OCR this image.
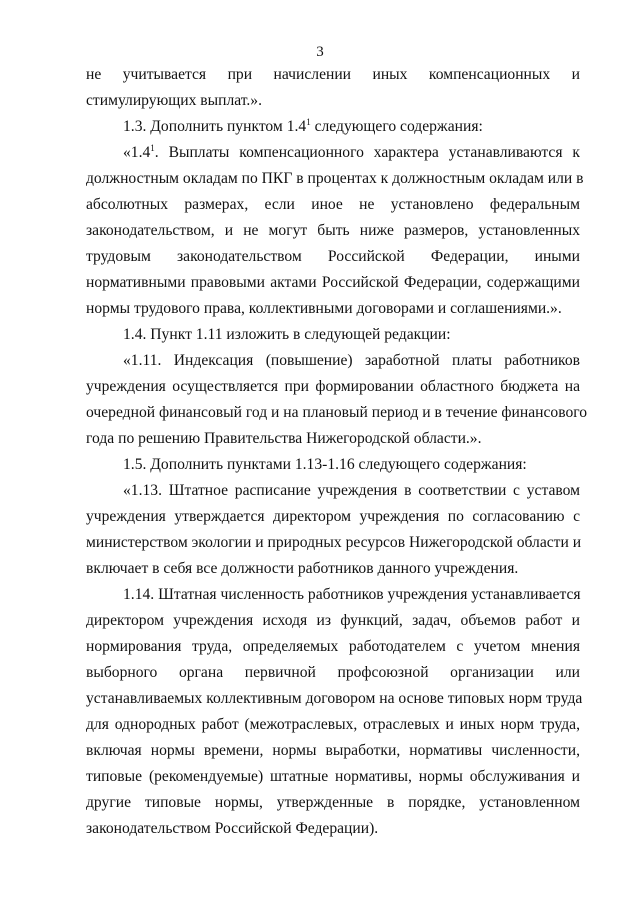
3
не учитывается при начислении иных компенсационных и
стимулирующих выплат.».
1.3. Дополнить пунктом $1.4^1$ следующего содержания:
«$1.4^1$. Выплаты компенсационного характера устанавливаются к
должностным окладам по ПКГ в процентах к должностным окладам или в
абсолютных размерах, если иное не установлено федеральным
законодательством, и не могут быть ниже размеров, установленных
трудовым законодательством Российской Федерации, иными
нормативными правовыми актами Российской Федерации, содержащими
нормы трудового права, коллективными договорами и соглашениями.».
1.4. Пункт 1.11 изложить в следующей редакции:
«1.11. Индексация (повышение) заработной платы работников
учреждения осуществляется при формировании областного бюджета на
очередной финансовый год и на плановый период и в течение финансового
года по решению Правительства Нижегородской области.».
1.5. Дополнить пунктами 1.13-1.16 следующего содержания:
«1.13. Штатное расписание учреждения в соответствии с уставом
учреждения утверждается директором учреждения по согласованию с
министерством экологии и природных ресурсов Нижегородской области и
включает в себя все должности работников данного учреждения.
1.14. Штатная численность работников учреждения устанавливается
директором учреждения исходя из функций, задач, объемов работ и
нормирования труда, определяемых работодателем с учетом мнения
выборного органа первичной профсоюзной организации или
устанавливаемых коллективным договором на основе типовых норм труда
для однородных работ (межотраслевых, отраслевых и иных норм труда,
включая нормы времени, нормы выработки, нормативы численности,
типовые (рекомендуемые) штатные нормативы, нормы обслуживания и
другие типовые нормы, утвержденные в порядке, установленном
законодательством Российской Федерации).
